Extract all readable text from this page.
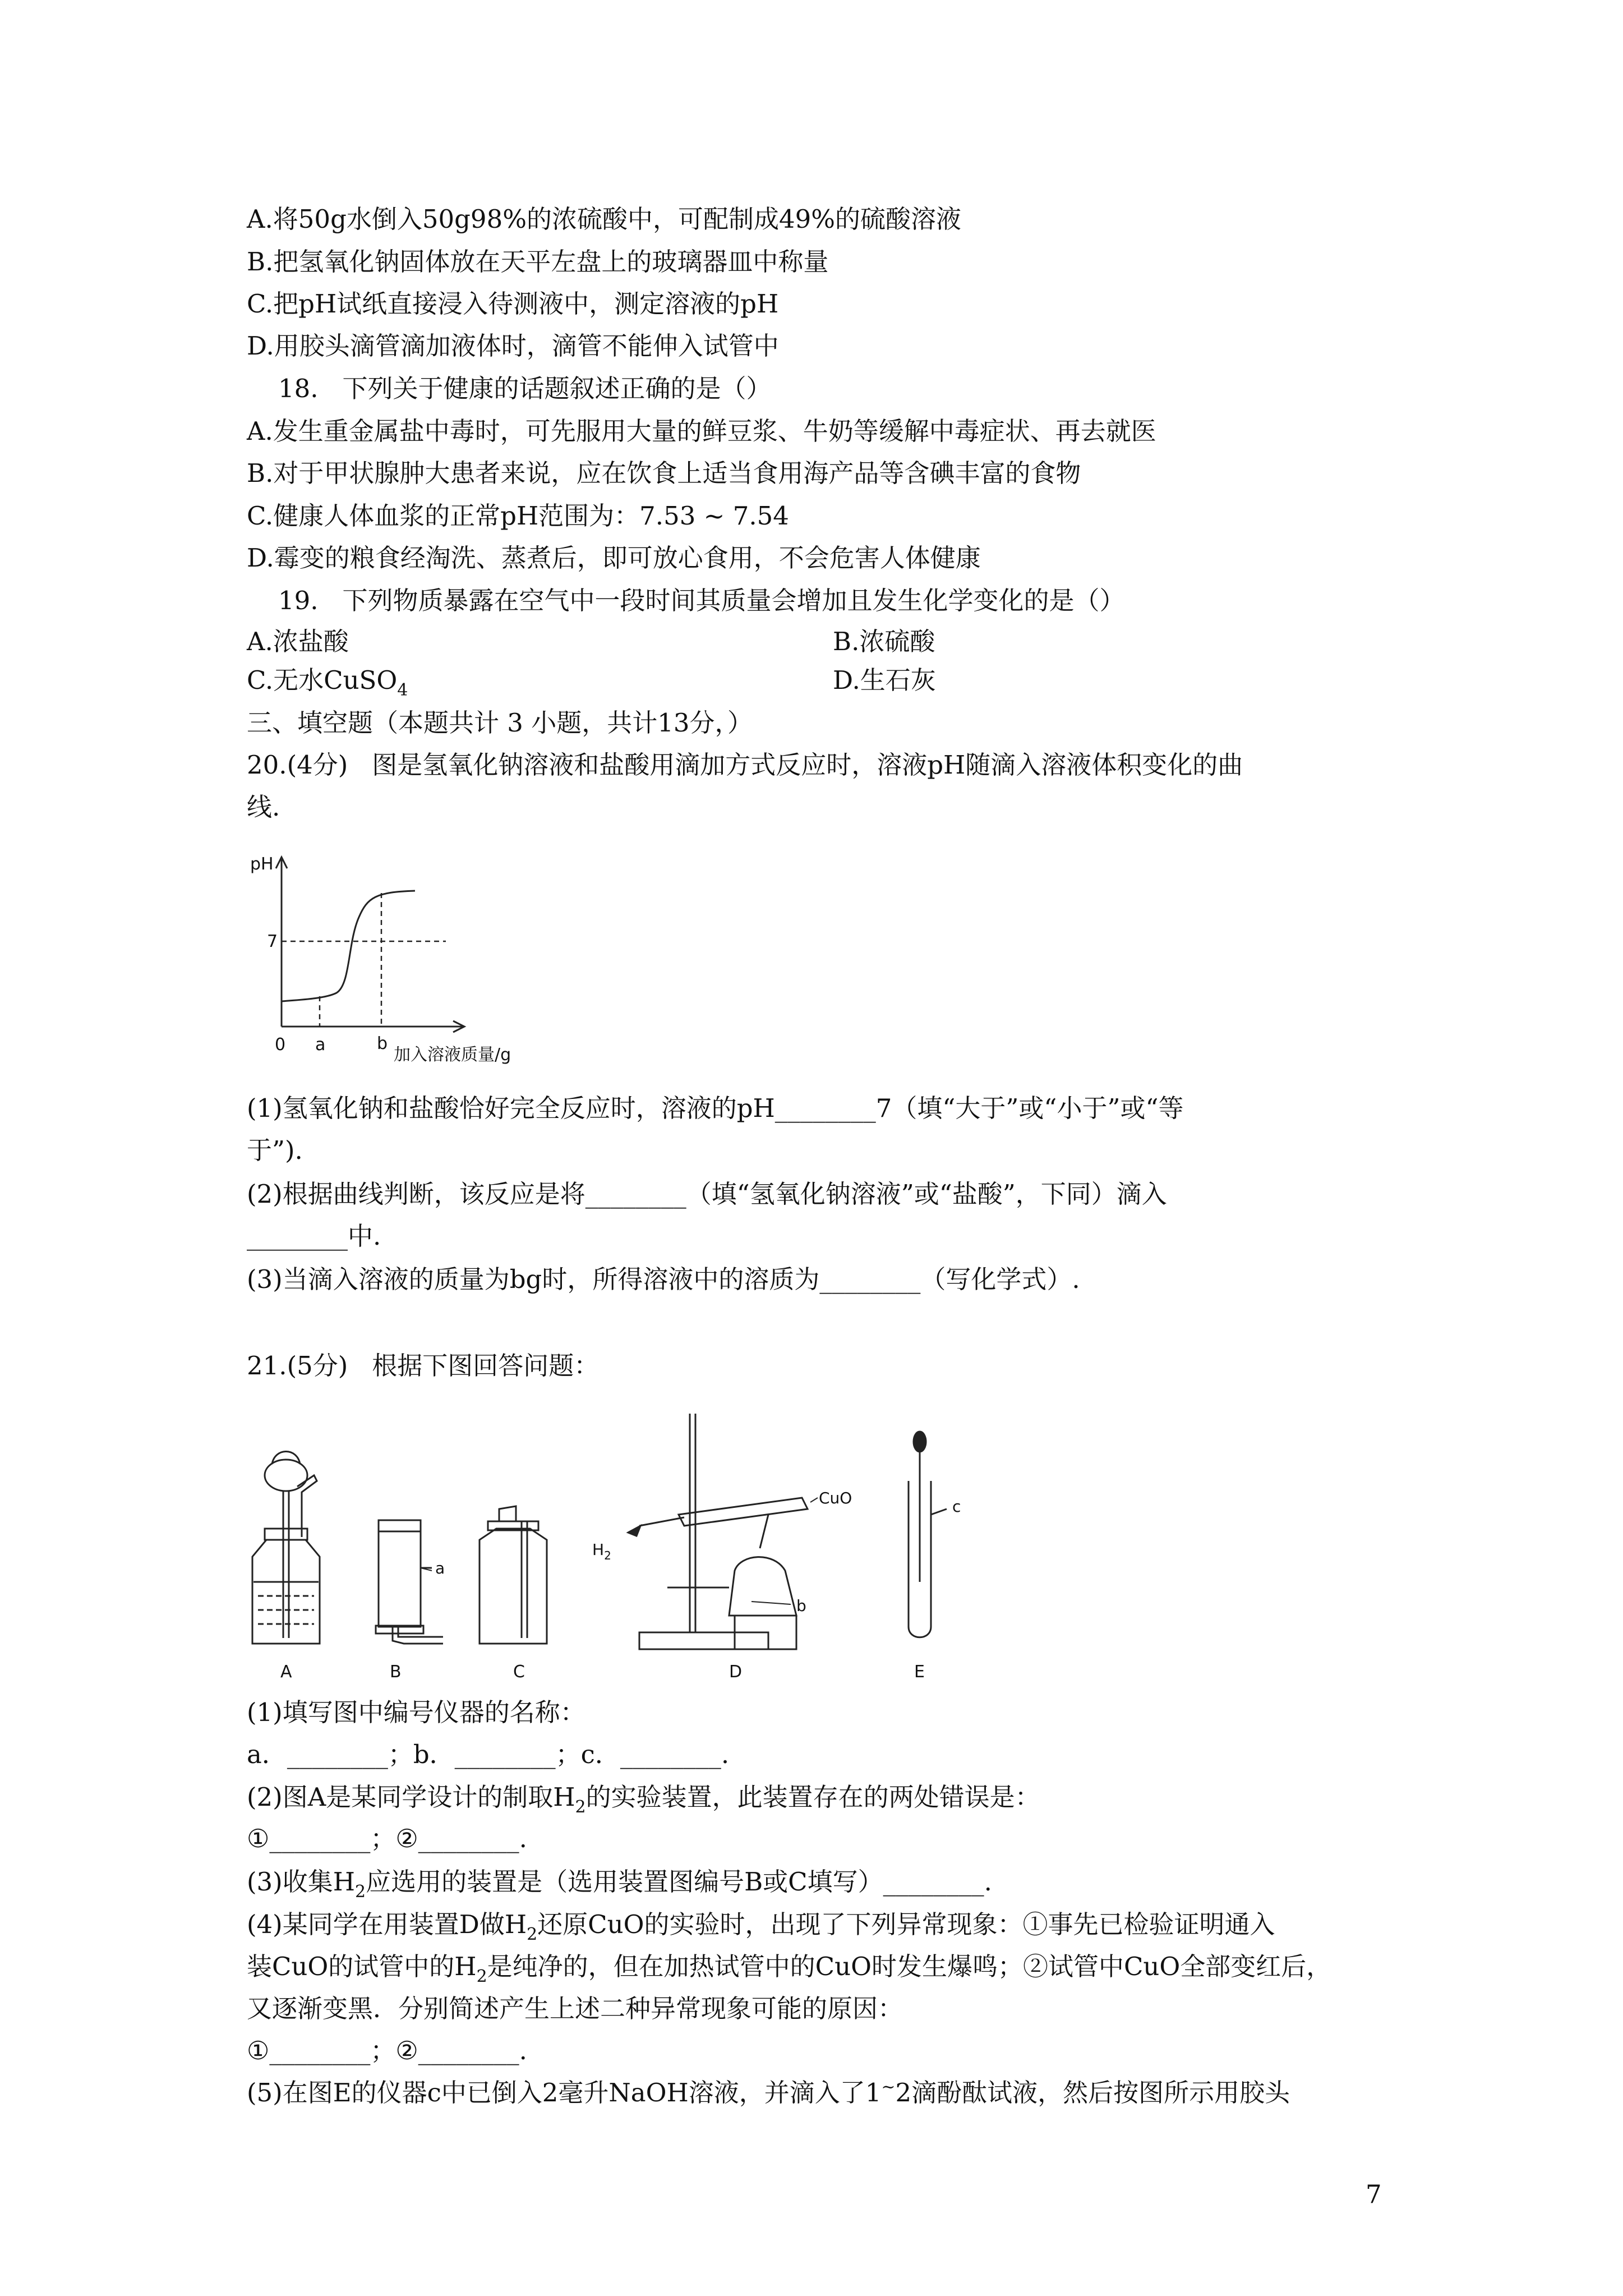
A.将50g水倒入50g98%的浓硫酸中，可配制成49%的硫酸溶液
B.把氢氧化钠固体放在天平左盘上的玻璃器皿中称量
C.把pH试纸直接浸入待测液中，测定溶液的pH
D.用胶头滴管滴加液体时，滴管不能伸入试管中
18.   下列关于健康的话题叙述正确的是（）
A.发生重金属盐中毒时，可先服用大量的鲜豆浆、牛奶等缓解中毒症状、再去就医
B.对于甲状腺肿大患者来说，应在饮食上适当食用海产品等含碘丰富的食物
C.健康人体血浆的正常pH范围为：7.53 ~ 7.54
D.霉变的粮食经淘洗、蒸煮后，即可放心食用，不会危害人体健康
19.   下列物质暴露在空气中一段时间其质量会增加且发生化学变化的是（）
A.浓盐酸	B.浓硫酸
C.无水CuSO$_4$	D.生石灰
三、填空题（本题共计 3 小题，共计13分，）
20.(4分)   图是氢氧化钠溶液和盐酸用滴加方式反应时，溶液pH随滴入溶液体积变化的曲
线.
pH
7
0 a	b
加入溶液质量/g
(1)氢氧化钠和盐酸恰好完全反应时，溶液的pH________7（填“大于”或“小于”或“等
于”).
(2)根据曲线判断，该反应是将________（填“氢氧化钠溶液”或“盐酸”，下同）滴入
________中.
(3)当滴入溶液的质量为bg时，所得溶液中的溶质为________（写化学式）.
21.(5分)   根据下图回答问题：
A	B	C	D	E
a
b
c
CuO
$H_2$
(1)填写图中编号仪器的名称：
a．________；b．________；c．________.
(2)图A是某同学设计的制取$H_2$的实验装置，此装置存在的两处错误是：
①________；②________.
(3)收集$H_2$应选用的装置是（选用装置图编号B或C填写）________.
(4)某同学在用装置D做$H_2$还原CuO的实验时，出现了下列异常现象：①事先已检验证明通入
装CuO的试管中的$H_2$是纯净的，但在加热试管中的CuO时发生爆鸣；②试管中CuO全部变红后，
又逐渐变黑．分别简述产生上述二种异常现象可能的原因：
①________；②________.
(5)在图E的仪器c中已倒入2毫升NaOH溶液，并滴入了1~2滴酚酞试液，然后按图所示用胶头
7
